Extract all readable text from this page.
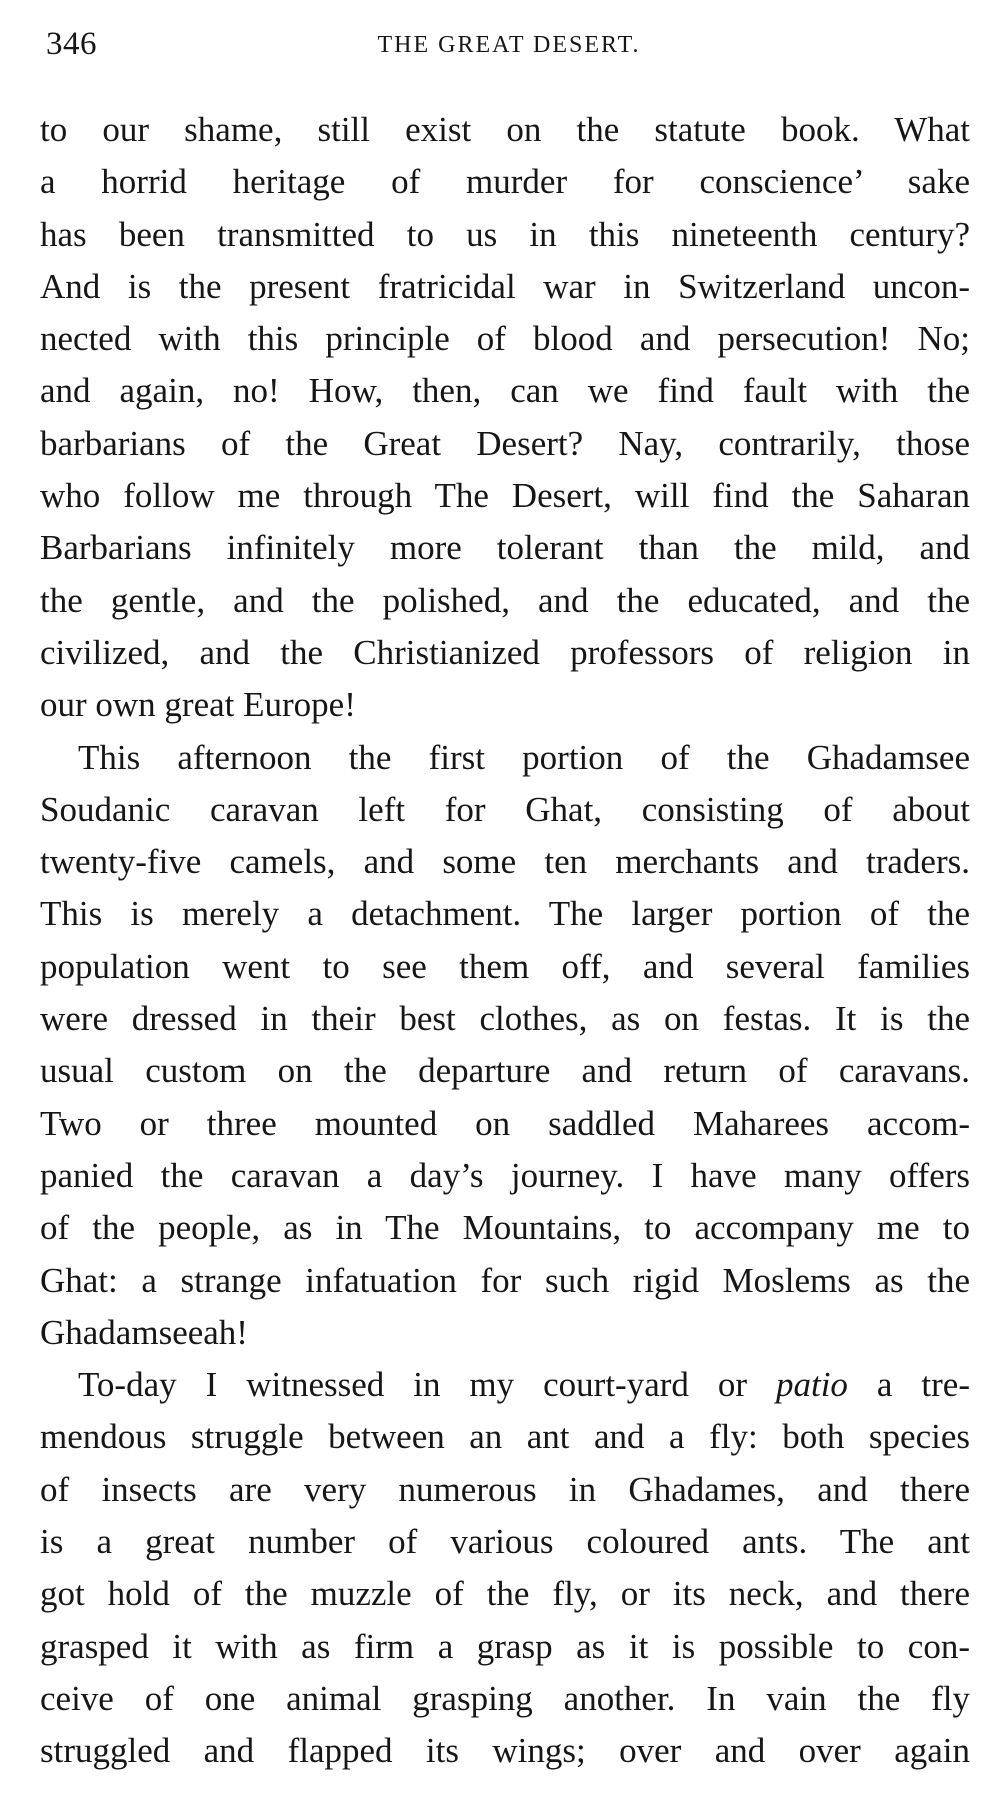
346	THE GREAT DESERT.
to our shame, still exist on the statute book. What
a horrid heritage of murder for conscience’ sake
has been transmitted to us in this nineteenth century?
And is the present fratricidal war in Switzerland uncon-
nected with this principle of blood and persecution! No;
and again, no! How, then, can we find fault with the
barbarians of the Great Desert? Nay, contrarily, those
who follow me through The Desert, will find the Saharan
Barbarians infinitely more tolerant than the mild, and
the gentle, and the polished, and the educated, and the
civilized, and the Christianized professors of religion in
our own great Europe!
This afternoon the first portion of the Ghadamsee
Soudanic caravan left for Ghat, consisting of about
twenty-five camels, and some ten merchants and traders.
This is merely a detachment. The larger portion of the
population went to see them off, and several families
were dressed in their best clothes, as on festas. It is the
usual custom on the departure and return of caravans.
Two or three mounted on saddled Maharees accom-
panied the caravan a day’s journey. I have many offers
of the people, as in The Mountains, to accompany me to
Ghat: a strange infatuation for such rigid Moslems as the
Ghadamseeah!
To-day I witnessed in my court-yard or patio a tre-
mendous struggle between an ant and a fly: both species
of insects are very numerous in Ghadames, and there
is a great number of various coloured ants. The ant
got hold of the muzzle of the fly, or its neck, and there
grasped it with as firm a grasp as it is possible to con-
ceive of one animal grasping another. In vain the fly
struggled and flapped its wings; over and over again
